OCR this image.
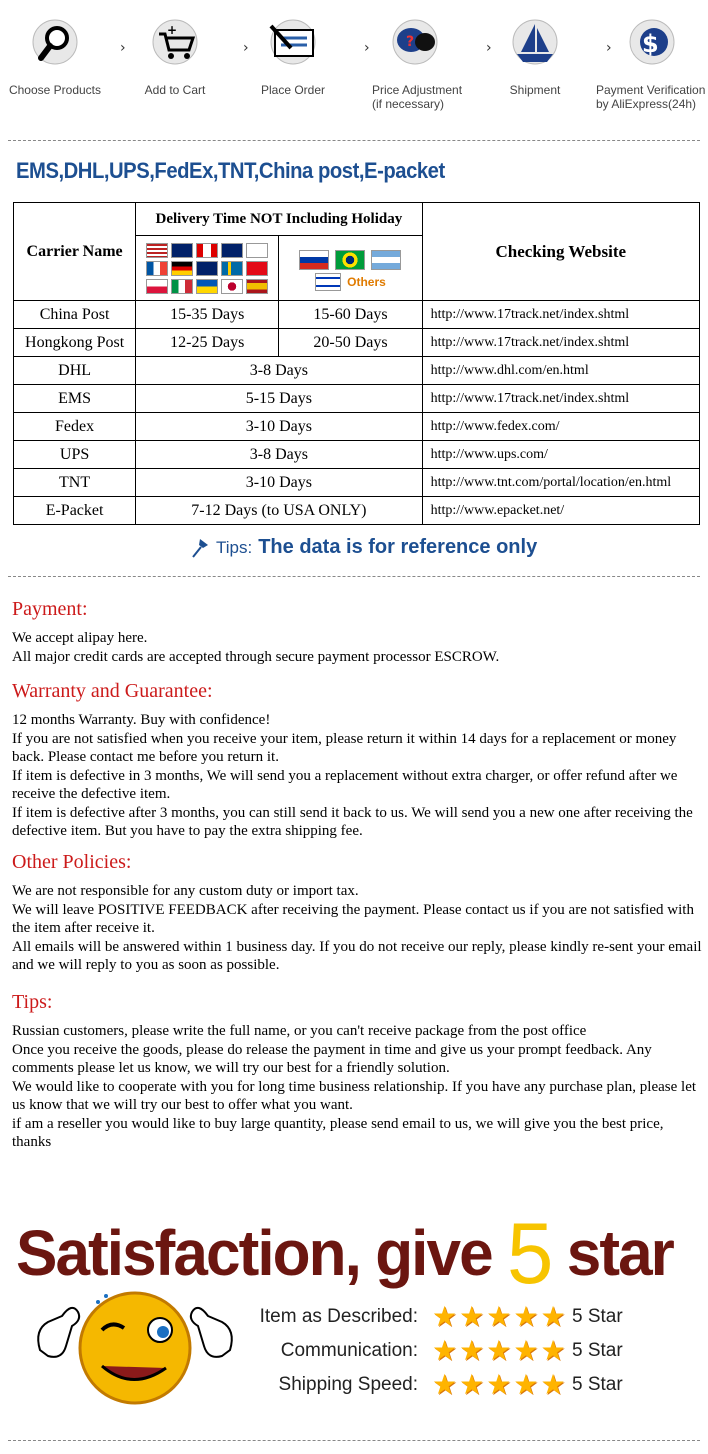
Choose Products
›
+
Add to Cart
›
Place Order
›	?
Price Adjustment
(if necessary)
›
Shipment
› $
Payment Verification
by AliExpress(24h)
EMS,DHL,UPS,FedEx,TNT,China post,E-packet
Carrier Name	Delivery Time NOT Including Holiday		Checking Website

		Others	

China Post	15-35 Days	15-60 Days	http://www.17track.net/index.shtml
Hongkong Post	12-25 Days	20-50 Days	http://www.17track.net/index.shtml
DHL	3-8 Days		http://www.dhl.com/en.html
EMS	5-15 Days		http://www.17track.net/index.shtml
Fedex	3-10 Days		http://www.fedex.com/
UPS	3-8 Days		http://www.ups.com/
TNT	3-10 Days		http://www.tnt.com/portal/location/en.html
E-Packet	7-12 Days (to USA ONLY)		http://www.epacket.net/
Tips: The data is for reference only
Payment:

We accept alipay here.

All major credit cards are accepted through secure payment processor ESCROW.

Warranty and Guarantee:

12 months Warranty. Buy with confidence!

If you are not satisfied when you receive your item, please return it within 14 days for a replacement or money back. Please contact me before you return it.

If item is defective in 3 months, We will send you a replacement without extra charger, or offer refund after we receive the defective item.

If item is defective after 3 months, you can still send it back to us. We will send you a new one after receiving the defective item. But you have to pay the extra shipping fee.

Other Policies:

We are not responsible for any custom duty or import tax.

We will leave POSITIVE FEEDBACK after receiving the payment. Please contact us if you are not satisfied with the item after receive it.

All emails will be answered within 1 business day. If you do not receive our reply, please kindly re-sent your email and we will reply to you as soon as possible.

Tips:

Russian customers, please write the full name, or you can't receive package from the post office

Once you receive the goods, please do release the payment in time and give us your prompt feedback. Any comments please let us know, we will try our best for a friendly solution.

We would like to cooperate with you for long time business relationship. If you have any purchase plan, please let us know that we will try our best to offer what you want.

if am a reseller you would like to buy large quantity, please send email to us, we will give you the best price, thanks

Satisfaction, give 5 star
Item as Described: ★ ★ ★ ★ ★ 5 Star
Communication: ★ ★ ★ ★ ★ 5 Star
Shipping Speed: ★ ★ ★ ★ ★ 5 Star
